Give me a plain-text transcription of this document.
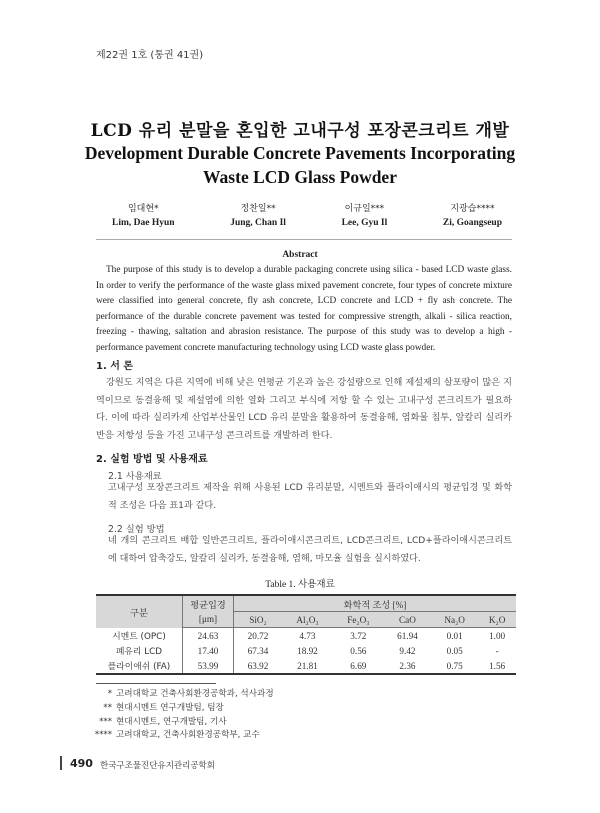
제22권 1호 (통권 41권)
LCD 유리 분말을 혼입한 고내구성 포장콘크리트 개발
Development Durable Concrete Pavements Incorporating Waste LCD Glass Powder
임대현*
Lim, Dae Hyun
정찬일**
Jung, Chan Il
이규일***
Lee, Gyu Il
지광습****
Zi, Goangseup
Abstract
The purpose of this study is to develop a durable packaging concrete using silica - based LCD waste glass. In order to verify the performance of the waste glass mixed pavement concrete, four types of concrete mixture were classified into general concrete, fly ash concrete, LCD concrete and LCD + fly ash concrete. The performance of the durable concrete pavement was tested for compressive strength, alkali - silica reaction, freezing - thawing, saltation and abrasion resistance. The purpose of this study was to develop a high - performance pavement concrete manufacturing technology using LCD waste glass powder.
1. 서 론
강원도 지역은 다른 지역에 비해 낮은 연평균 기온과 높은 강설량으로 인해 제설제의 살포량이 많은 지역이므로 동결융해 및 제설염에 의한 열화 그리고 부식에 저항 할 수 있는 고내구성 콘크리트가 필요하다. 이에 따라 실리카계 산업부산물인 LCD 유리 분말을 활용하여 동결융해, 염화물 침투, 알칼리 실리카 반응 저항성 등을 가진 고내구성 콘크리트를 개발하려 한다.
2. 실험 방법 및 사용재료
2.1 사용재료
고내구성 포장콘크리트 제작을 위해 사용된 LCD 유리분말, 시멘트와 플라이애시의 평균입경 및 화학적 조성은 다음 표1과 같다.
2.2 실험 방법
네 개의 콘크리트 배합 일반콘크리트, 플라이애시콘크리트, LCD콘크리트, LCD+플라이애시콘크리트에 대하여 압축강도, 알칼리 실리카, 동결융해, 염해, 마모율 실험을 실시하였다.
Table 1. 사용재료
구분	평균입경	화학적 조성 [%]					
	[μm]	SiO₂	Al₂O₃	Fe₂O₃	CaO	Na₂O	K₂O
시멘트 (OPC)	24.63	20.72	4.73	3.72	61.94	0.01	1.00
폐유리 LCD	17.40	67.34	18.92	0.56	9.42	0.05	-
플라이애쉬 (FA)	53.99	63.92	21.81	6.69	2.36	0.75	1.56
* 고려대학교 건축사회환경공학과, 석사과정
** 현대시멘트 연구개발팀, 팀장
*** 현대시멘트, 연구개발팀, 기사
**** 고려대학교, 건축사회환경공학부, 교수
490 한국구조물진단유지관리공학회
